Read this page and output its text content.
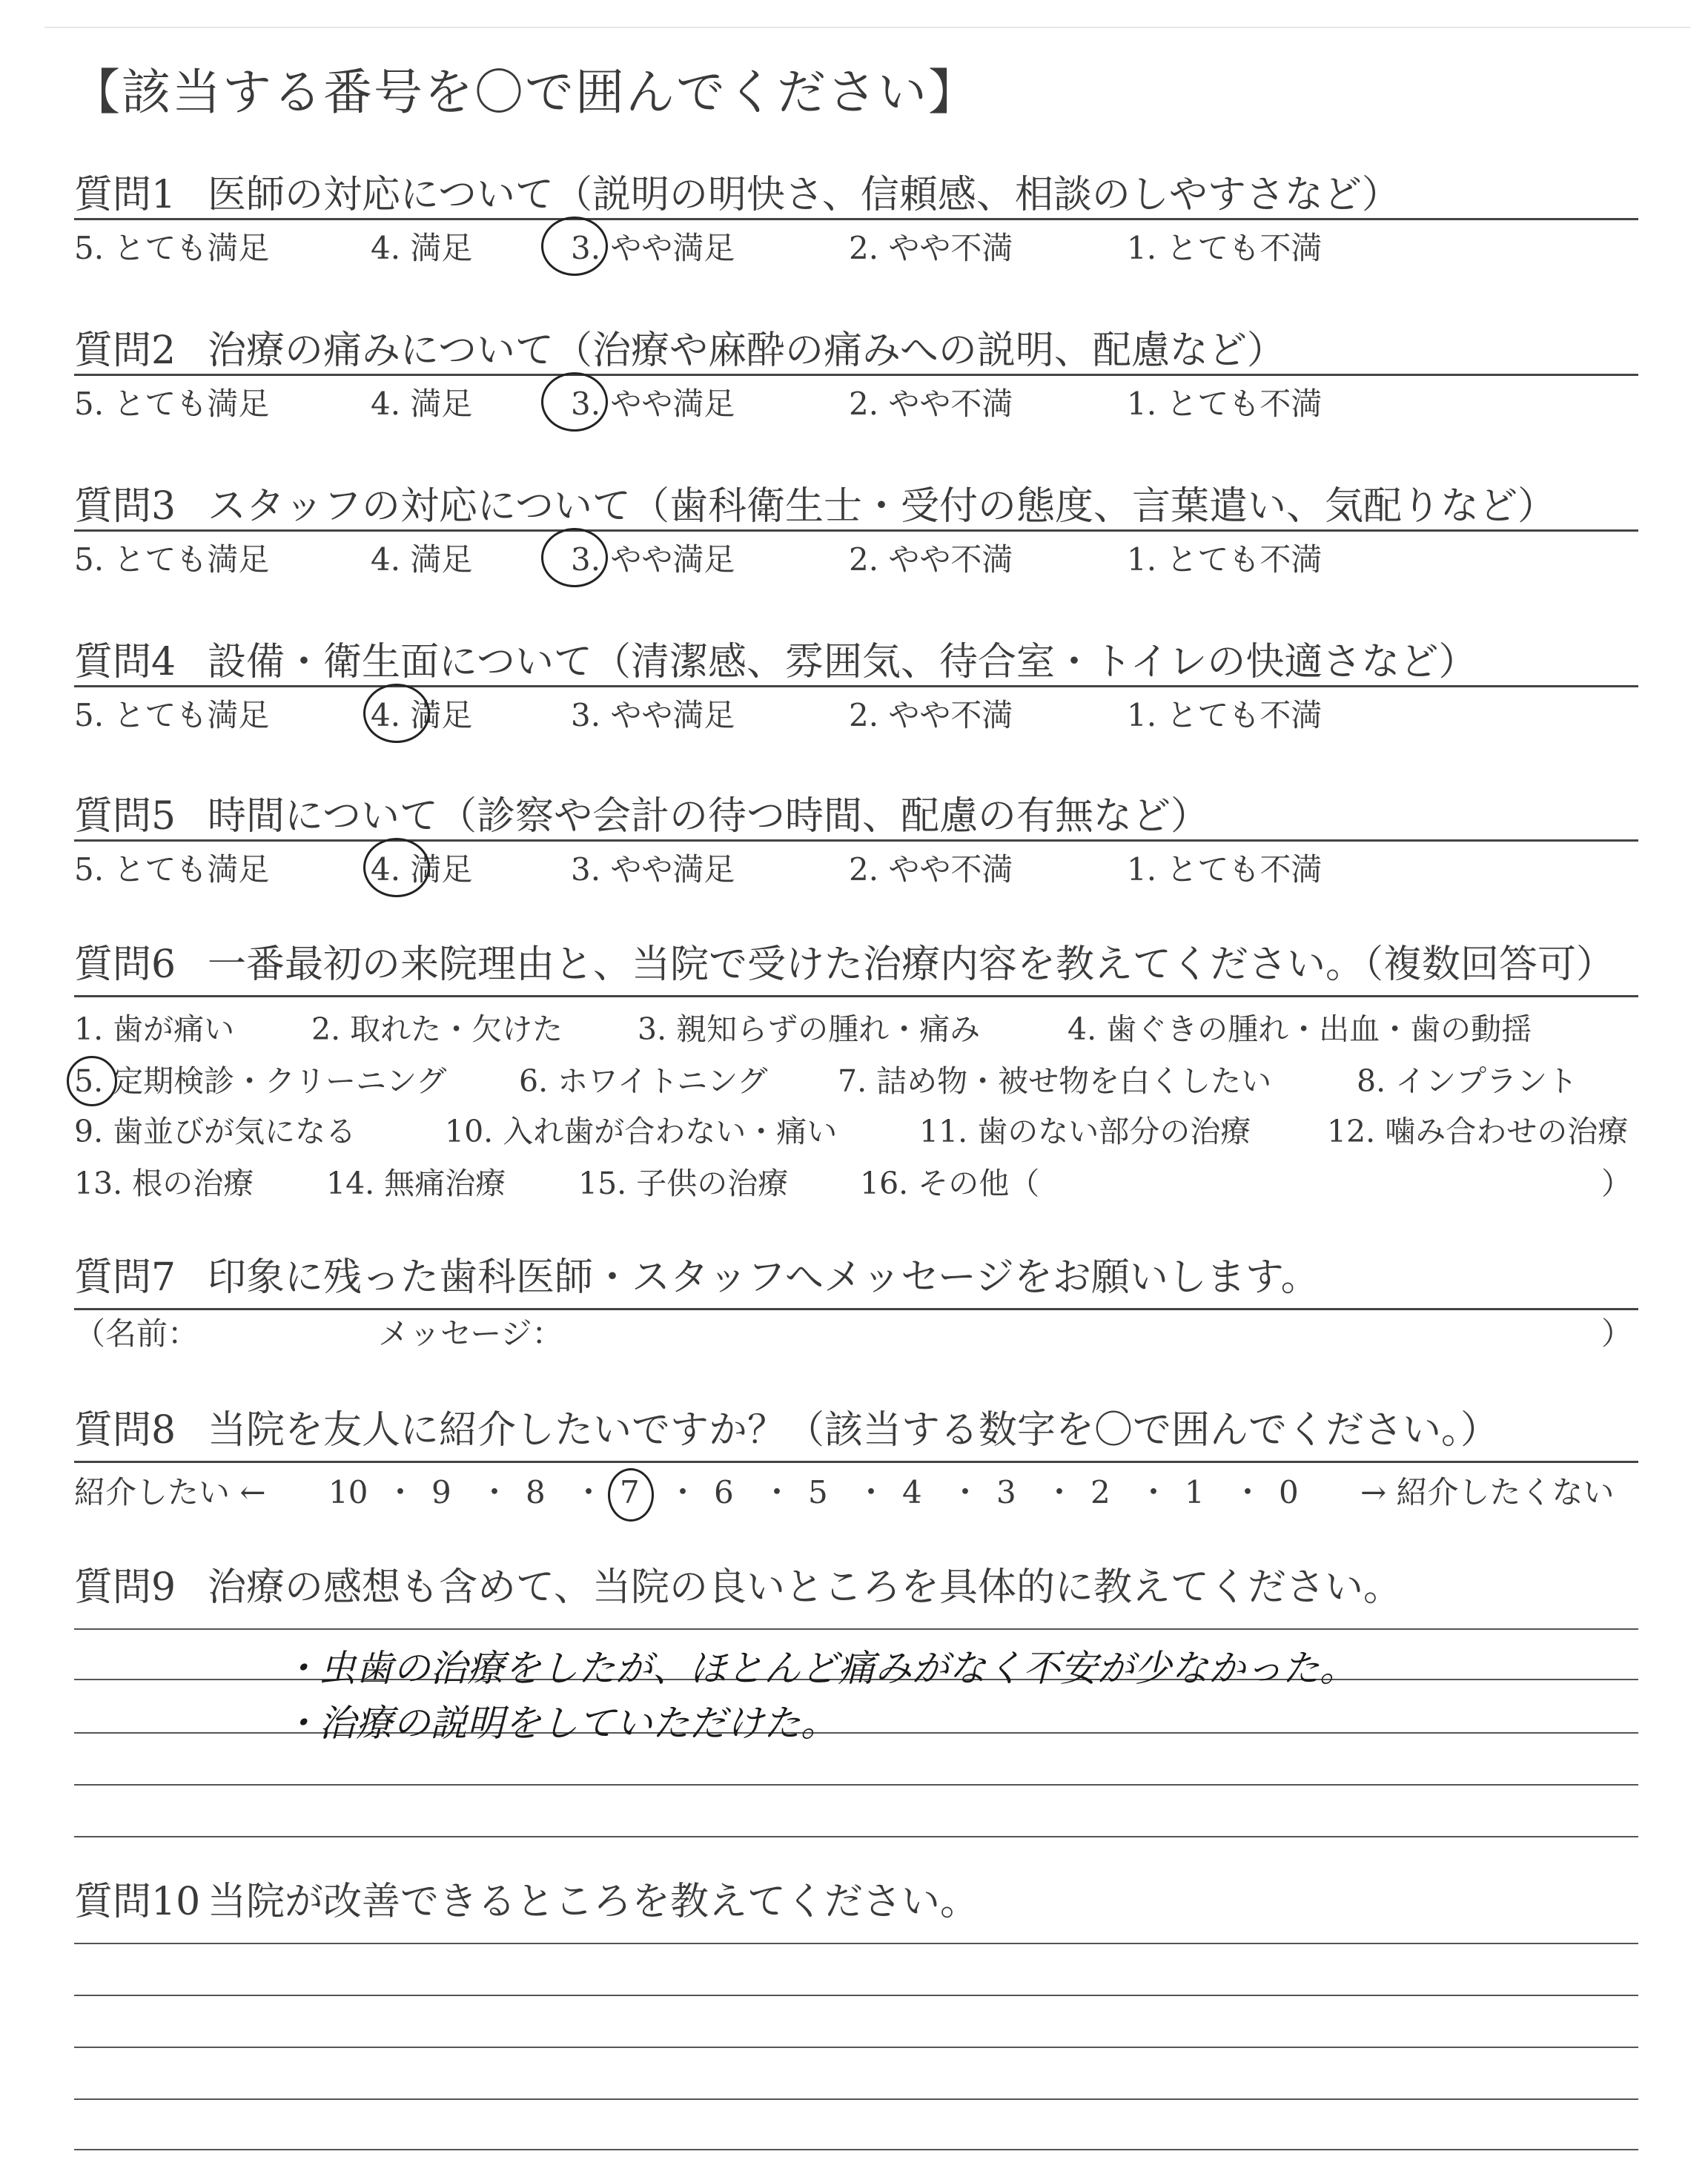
【該当する番号を〇で囲んでください】
質問1 医師の対応について（説明の明快さ、信頼感、相談のしやすさなど）
5. とても満足	4. 満足	3. やや満足	2. やや不満	1. とても不満
質問2 治療の痛みについて（治療や麻酔の痛みへの説明、配慮など）
5. とても満足	4. 満足	3. やや満足	2. やや不満	1. とても不満
質問3 スタッフの対応について（歯科衛生士・受付の態度、言葉遣い、気配りなど）
5. とても満足	4. 満足	3. やや満足	2. やや不満	1. とても不満
質問4 設備・衛生面について（清潔感、雰囲気、待合室・トイレの快適さなど）
5. とても満足	4. 満足	3. やや満足	2. やや不満	1. とても不満
質問5 時間について（診察や会計の待つ時間、配慮の有無など）
5. とても満足	4. 満足	3. やや満足	2. やや不満	1. とても不満
質問6 一番最初の来院理由と、当院で受けた治療内容を教えてください。（複数回答可）
1. 歯が痛い	2. 取れた・欠けた 3. 親知らずの腫れ・痛み	4. 歯ぐきの腫れ・出血・歯の動揺
5. 定期検診・クリーニング 6. ホワイトニング 7. 詰め物・被せ物を白くしたい	8. インプラント
9. 歯並びが気になる	10. 入れ歯が合わない・痛い	11. 歯のない部分の治療	12. 噛み合わせの治療
13. 根の治療 14. 無痛治療 15. 子供の治療 16. その他（	）
質問7 印象に残った歯科医師・スタッフへメッセージをお願いします。
（名前：	メッセージ：	）
質問8 当院を友人に紹介したいですか？（該当する数字を〇で囲んでください。）
紹介したい ← 10 ・ 9 ・ 8 ・ 7 ・ 6 ・ 5 ・ 4 ・ 3 ・ 2 ・ 1 ・ 0 → 紹介したくない
質問9 治療の感想も含めて、当院の良いところを具体的に教えてください。
・虫歯の治療をしたが、ほとんど痛みがなく不安が少なかった。
・治療の説明をしていただけた。
質問10 当院が改善できるところを教えてください。
